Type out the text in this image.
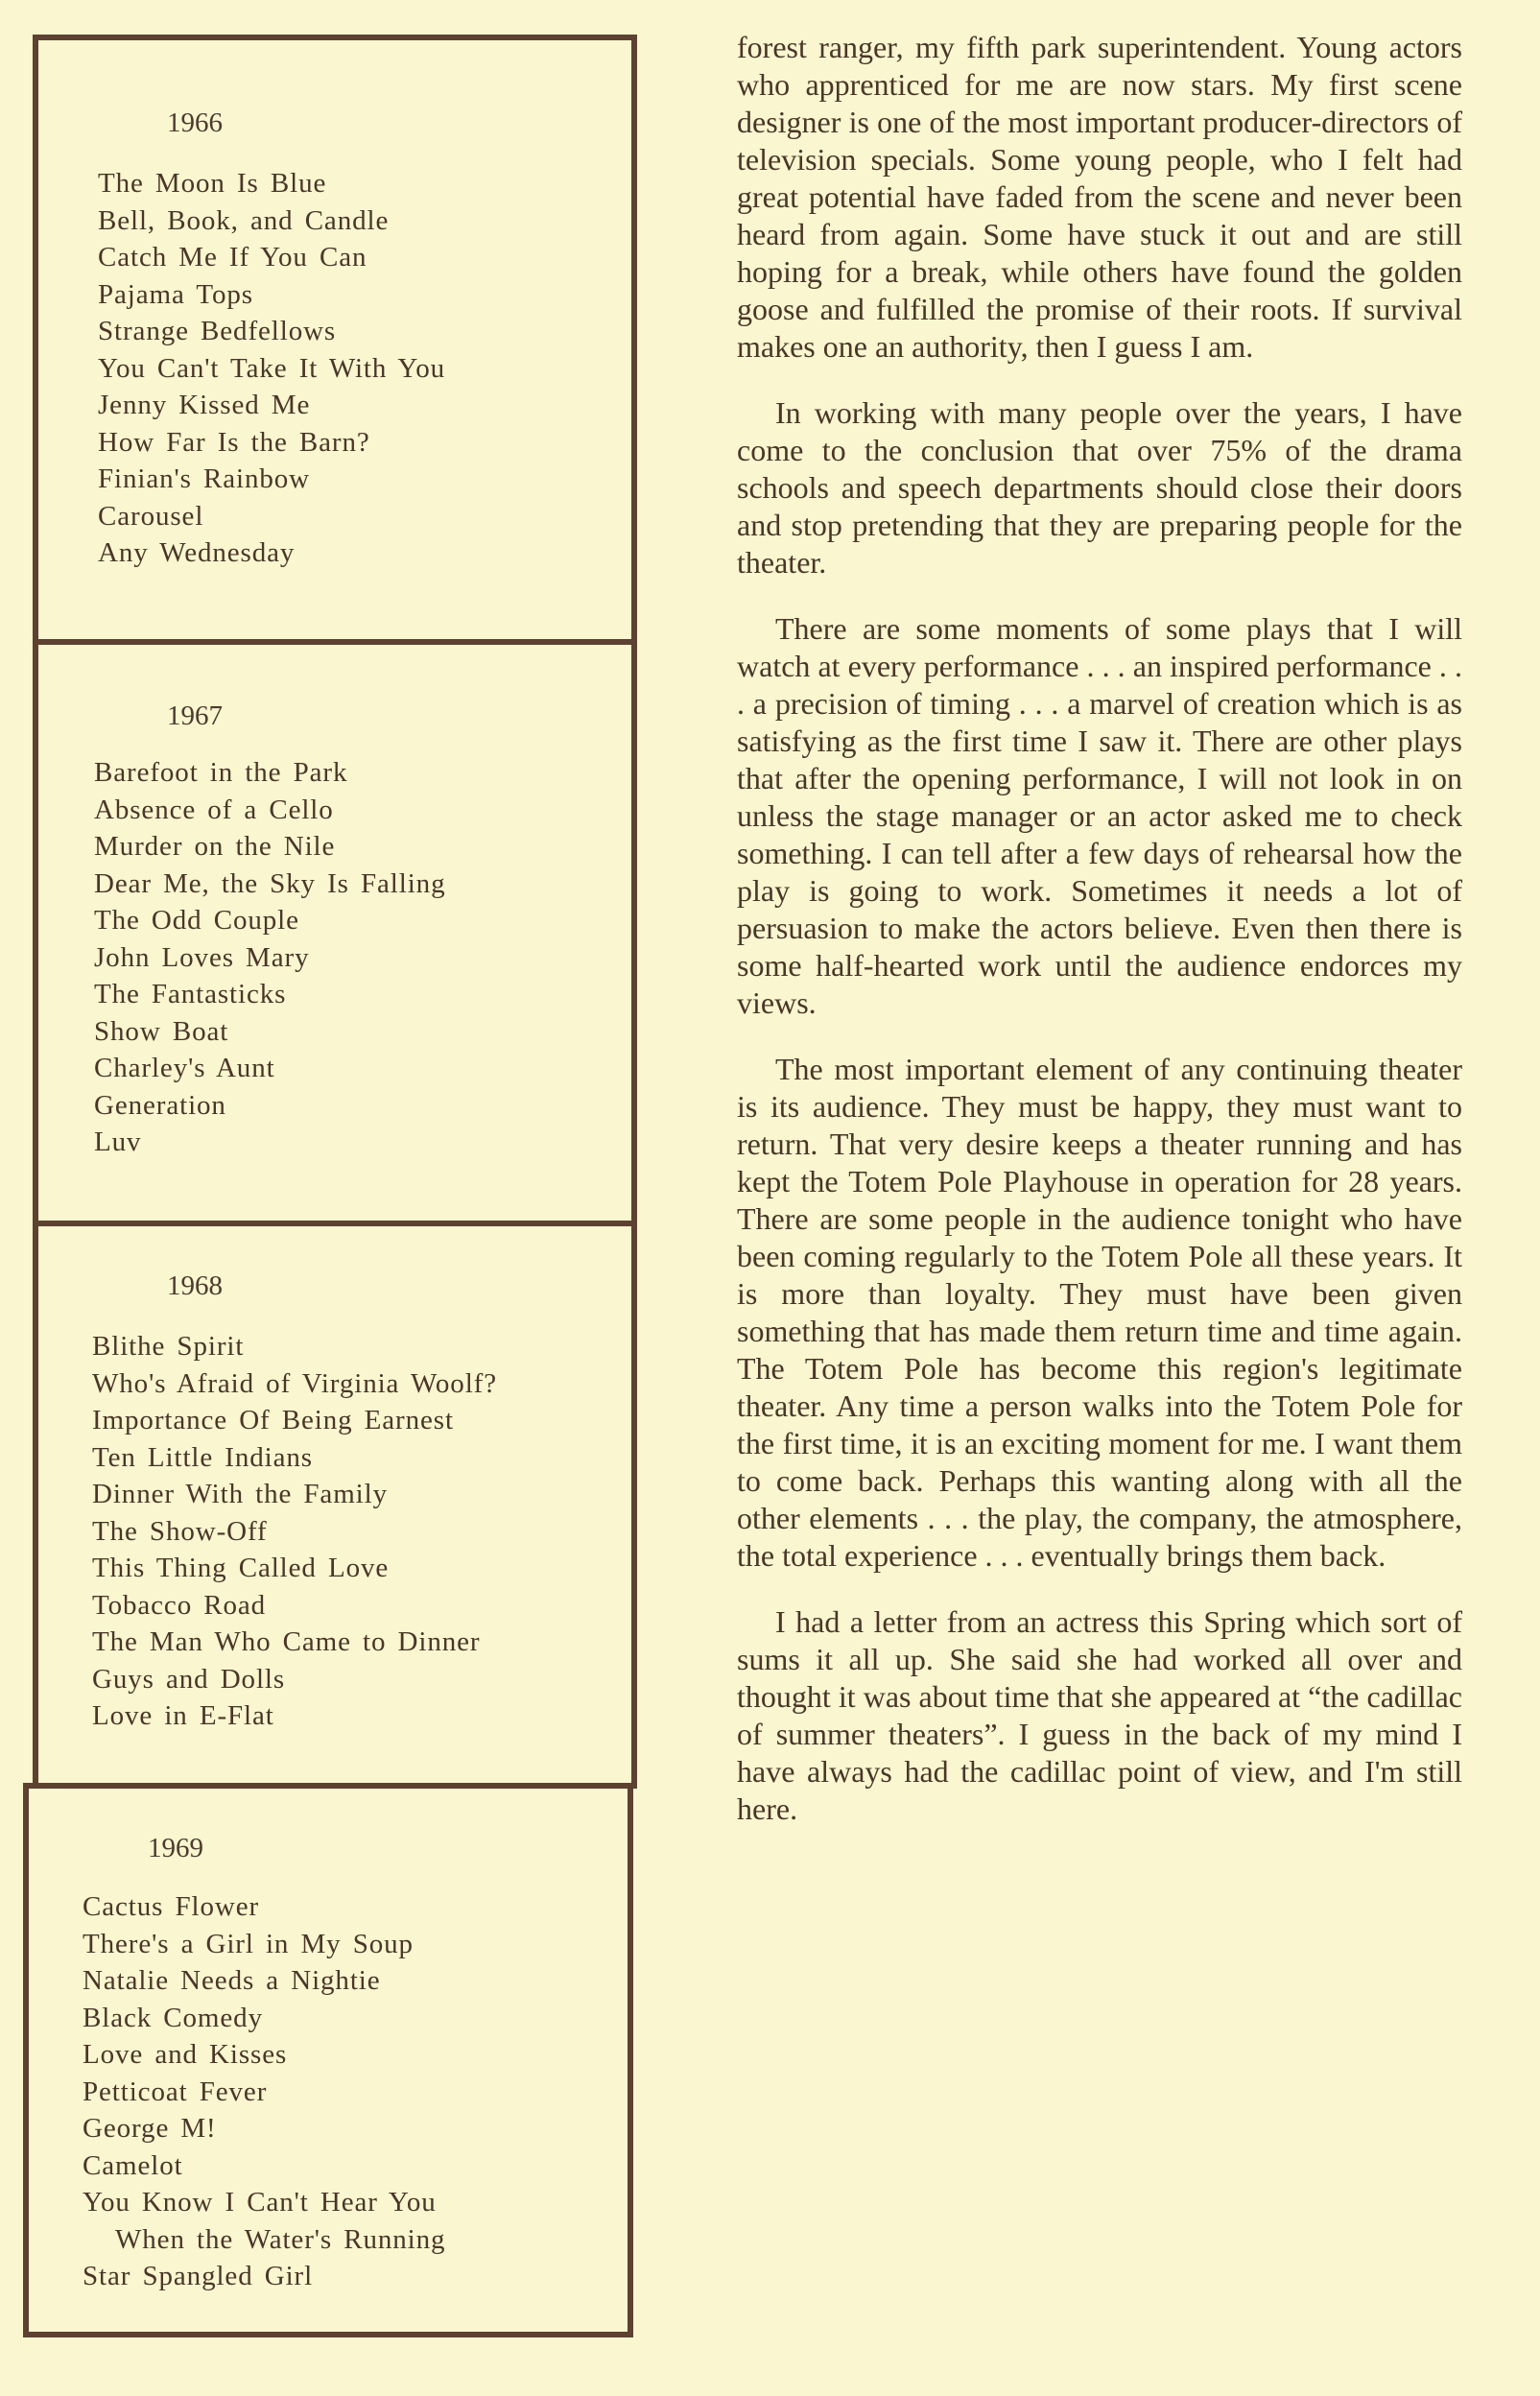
1966
The Moon Is Blue
Bell, Book, and Candle
Catch Me If You Can
Pajama Tops
Strange Bedfellows
You Can't Take It With You
Jenny Kissed Me
How Far Is the Barn?
Finian's Rainbow
Carousel
Any Wednesday
1967
Barefoot in the Park
Absence of a Cello
Murder on the Nile
Dear Me, the Sky Is Falling
The Odd Couple
John Loves Mary
The Fantasticks
Show Boat
Charley's Aunt
Generation
Luv
1968
Blithe Spirit
Who's Afraid of Virginia Woolf?
Importance Of Being Earnest
Ten Little Indians
Dinner With the Family
The Show-Off
This Thing Called Love
Tobacco Road
The Man Who Came to Dinner
Guys and Dolls
Love in E-Flat
1969
Cactus Flower
There's a Girl in My Soup
Natalie Needs a Nightie
Black Comedy
Love and Kisses
Petticoat Fever
George M!
Camelot
You Know I Can't Hear You
When the Water's Running
Star Spangled Girl

forest ranger, my fifth park superintendent. Young actors who apprenticed for me are now stars. My first scene designer is one of the most important producer-directors of television specials. Some young people, who I felt had great potential have faded from the scene and never been heard from again. Some have stuck it out and are still hoping for a break, while others have found the golden goose and fulfilled the promise of their roots. If survival makes one an authority, then I guess I am.

In working with many people over the years, I have come to the conclusion that over 75% of the drama schools and speech departments should close their doors and stop pretending that they are preparing people for the theater.

There are some moments of some plays that I will watch at every performance . . . an inspired performance . . . a precision of timing . . . a marvel of creation which is as satisfying as the first time I saw it. There are other plays that after the opening performance, I will not look in on unless the stage manager or an actor asked me to check something. I can tell after a few days of rehearsal how the play is going to work. Sometimes it needs a lot of persuasion to make the actors believe. Even then there is some half-hearted work until the audience endorces my views.

The most important element of any continuing theater is its audience. They must be happy, they must want to return. That very desire keeps a theater running and has kept the Totem Pole Playhouse in operation for 28 years. There are some people in the audience tonight who have been coming regularly to the Totem Pole all these years. It is more than loyalty. They must have been given something that has made them return time and time again. The Totem Pole has become this region's legitimate theater. Any time a person walks into the Totem Pole for the first time, it is an exciting moment for me. I want them to come back. Perhaps this wanting along with all the other elements . . . the play, the company, the atmosphere, the total experience . . . eventually brings them back.

I had a letter from an actress this Spring which sort of sums it all up. She said she had worked all over and thought it was about time that she appeared at “the cadillac of summer theaters”. I guess in the back of my mind I have always had the cadillac point of view, and I'm still here.
